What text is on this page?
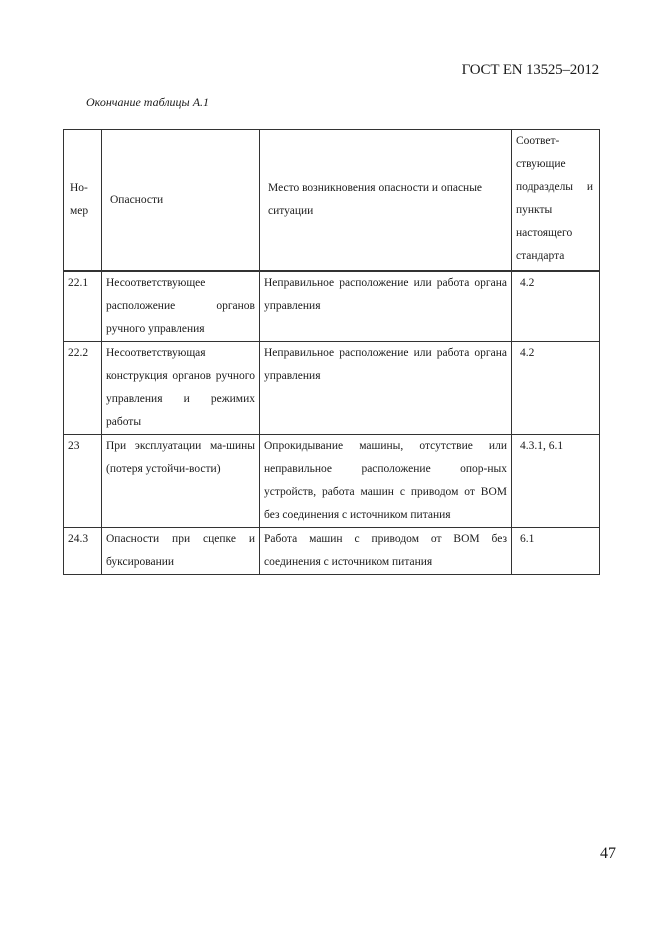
ГОСТ EN 13525–2012
Окончание таблицы А.1
Но-мер	Опасности	Место возникновения опасности и опасные ситуации	Соответ-ствующие подразделы и пункты настоящего стандарта
22.1	Несоответствующее расположение органов ручного управления	Неправильное расположение или работа органа управления	4.2
22.2	Несоответствующая конструкция органов ручного управления и режимих работы	Неправильное расположение или работа органа управления	4.2
23	При эксплуатации ма-шины (потеря устойчи-вости)	Опрокидывание машины, отсутствие или неправильное расположение опор-ных устройств, работа машин с приводом от ВОМ без соединения с источником питания	4.3.1, 6.1
24.3	Опасности при сцепке и буксировании	Работа машин с приводом от ВОМ без соединения с источником питания	6.1
47
